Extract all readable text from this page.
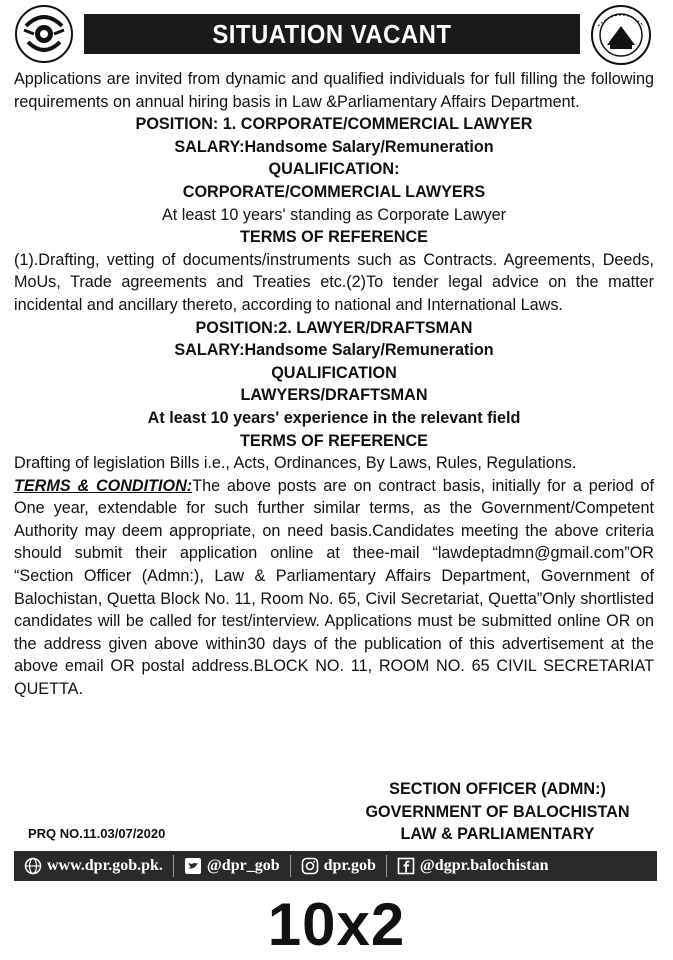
SITUATION VACANT

Applications are invited from dynamic and qualified individuals for full filling the following requirements on annual hiring basis in Law &Parliamentary Affairs Department.

POSITION: 1. CORPORATE/COMMERCIAL LAWYER

SALARY:Handsome Salary/Remuneration

QUALIFICATION:

CORPORATE/COMMERCIAL LAWYERS

At least 10 years' standing as Corporate Lawyer

TERMS OF REFERENCE

(1).Drafting, vetting of documents/instruments such as Contracts. Agreements, Deeds, MoUs, Trade agreements and Treaties etc.(2)To tender legal advice on the matter incidental and ancillary thereto, according to national and International Laws.

POSITION:2. LAWYER/DRAFTSMAN

SALARY:Handsome Salary/Remuneration

QUALIFICATION

LAWYERS/DRAFTSMAN

At least 10 years' experience in the relevant field

TERMS OF REFERENCE

Drafting of legislation Bills i.e., Acts, Ordinances, By Laws, Rules, Regulations.

TERMS & CONDITION:The above posts are on contract basis, initially for a period of One year, extendable for such further similar terms, as the Government/Competent Authority may deem appropriate, on need basis.Candidates meeting the above criteria should submit their application online at thee-mail “lawdeptadmn@gmail.com”OR “Section Officer (Admn:), Law & Parliamentary Affairs Department, Government of Balochistan, Quetta Block No. 11, Room No. 65, Civil Secretariat, Quetta”Only shortlisted candidates will be called for test/interview. Applications must be submitted online OR on the address given above within30 days of the publication of this advertisement at the above email OR postal address.BLOCK NO. 11, ROOM NO. 65 CIVIL SECRETARIAT QUETTA.

SECTION OFFICER (ADMN:)
GOVERNMENT OF BALOCHISTAN
LAW & PARLIAMENTARY
PRQ NO.11.03/07/2020
www.dpr.gob.pk.	@dpr_gob	dpr.gob	@dgpr.balochistan
10x2
